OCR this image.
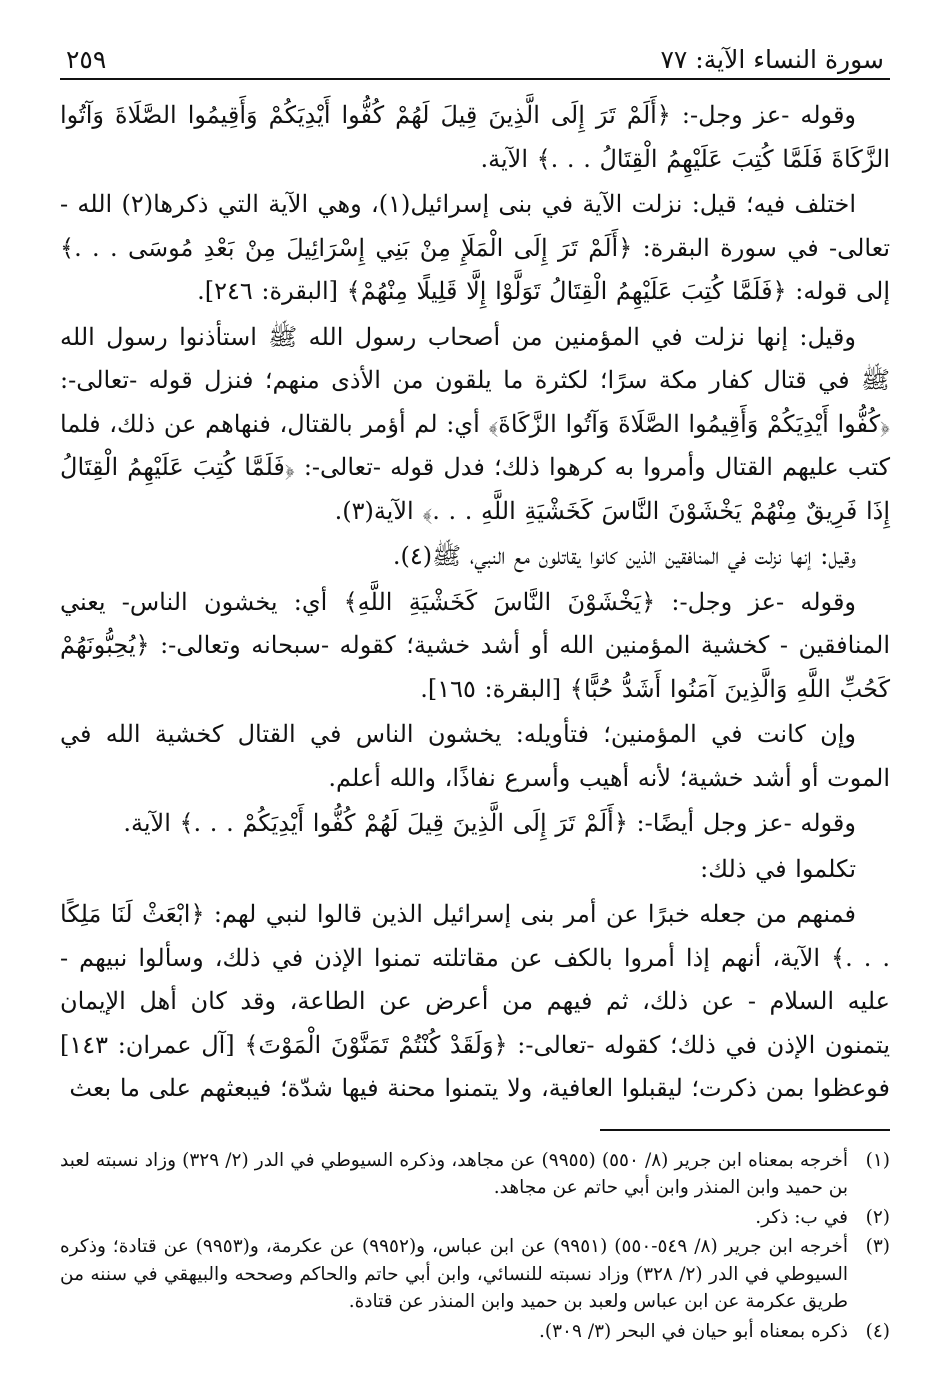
سورة النساء الآية: ٧٧
٢٥٩

وقوله -عز وجل-: ﴿أَلَمْ تَرَ إِلَى الَّذِينَ قِيلَ لَهُمْ كُفُّوا أَيْدِيَكُمْ وَأَقِيمُوا الصَّلَاةَ وَآتُوا الزَّكَاةَ فَلَمَّا كُتِبَ عَلَيْهِمُ الْقِتَالُ . . .﴾ الآية.

اختلف فيه؛ قيل: نزلت الآية في بنى إسرائيل(١)، وهي الآية التي ذكرها(٢) الله - تعالى- في سورة البقرة: ﴿أَلَمْ تَرَ إِلَى الْمَلَإِ مِنْ بَنِي إِسْرَائِيلَ مِنْ بَعْدِ مُوسَى . . .﴾ إلى قوله: ﴿فَلَمَّا كُتِبَ عَلَيْهِمُ الْقِتَالُ تَوَلَّوْا إِلَّا قَلِيلًا مِنْهُمْ﴾ [البقرة: ٢٤٦].

وقيل: إنها نزلت في المؤمنين من أصحاب رسول الله ﷺ استأذنوا رسول الله ﷺ في قتال كفار مكة سرًا؛ لكثرة ما يلقون من الأذى منهم؛ فنزل قوله -تعالى-: ﴿كُفُّوا أَيْدِيَكُمْ وَأَقِيمُوا الصَّلَاةَ وَآتُوا الزَّكَاةَ﴾ أي: لم أؤمر بالقتال، فنهاهم عن ذلك، فلما كتب عليهم القتال وأمروا به كرهوا ذلك؛ فدل قوله -تعالى-: ﴿فَلَمَّا كُتِبَ عَلَيْهِمُ الْقِتَالُ إِذَا فَرِيقٌ مِنْهُمْ يَخْشَوْنَ النَّاسَ كَخَشْيَةِ اللَّهِ . . .﴾ الآية(٣).

وقيل: إنها نزلت في المنافقين الذين كانوا يقاتلون مع النبي، ﷺ(٤).

وقوله -عز وجل-: ﴿يَخْشَوْنَ النَّاسَ كَخَشْيَةِ اللَّهِ﴾ أي: يخشون الناس- يعني المنافقين - كخشية المؤمنين الله أو أشد خشية؛ كقوله -سبحانه وتعالى-: ﴿يُحِبُّونَهُمْ كَحُبِّ اللَّهِ وَالَّذِينَ آمَنُوا أَشَدُّ حُبًّا﴾ [البقرة: ١٦٥].

وإن كانت في المؤمنين؛ فتأويله: يخشون الناس في القتال كخشية الله في الموت أو أشد خشية؛ لأنه أهيب وأسرع نفاذًا، والله أعلم.

وقوله -عز وجل أيضًا-: ﴿أَلَمْ تَرَ إِلَى الَّذِينَ قِيلَ لَهُمْ كُفُّوا أَيْدِيَكُمْ . . .﴾ الآية.

تكلموا في ذلك:

فمنهم من جعله خبرًا عن أمر بنى إسرائيل الذين قالوا لنبي لهم: ﴿ابْعَثْ لَنَا مَلِكًا . . .﴾ الآية، أنهم إذا أمروا بالكف عن مقاتلته تمنوا الإذن في ذلك، وسألوا نبيهم - عليه السلام - عن ذلك، ثم فيهم من أعرض عن الطاعة، وقد كان أهل الإيمان يتمنون الإذن في ذلك؛ كقوله -تعالى-: ﴿وَلَقَدْ كُنْتُمْ تَمَنَّوْنَ الْمَوْتَ﴾ [آل عمران: ١٤٣] فوعظوا بمن ذكرت؛ ليقبلوا العافية، ولا يتمنوا محنة فيها شدّة؛ فيبعثهم على ما بعث

(١)
أخرجه بمعناه ابن جرير (٨/ ٥٥٠) (٩٩٥٥) عن مجاهد، وذكره السيوطي في الدر (٢/ ٣٢٩) وزاد نسبته لعبد بن حميد وابن المنذر وابن أبي حاتم عن مجاهد.
(٢)
في ب: ذكر.
(٣)
أخرجه ابن جرير (٨/ ٥٤٩-٥٥٠) (٩٩٥١) عن ابن عباس، و(٩٩٥٢) عن عكرمة، و(٩٩٥٣) عن قتادة؛ وذكره السيوطي في الدر (٢/ ٣٢٨) وزاد نسبته للنسائي، وابن أبي حاتم والحاكم وصححه والبيهقي في سننه من طريق عكرمة عن ابن عباس ولعبد بن حميد وابن المنذر عن قتادة.
(٤)
ذكره بمعناه أبو حيان في البحر (٣/ ٣٠٩).
